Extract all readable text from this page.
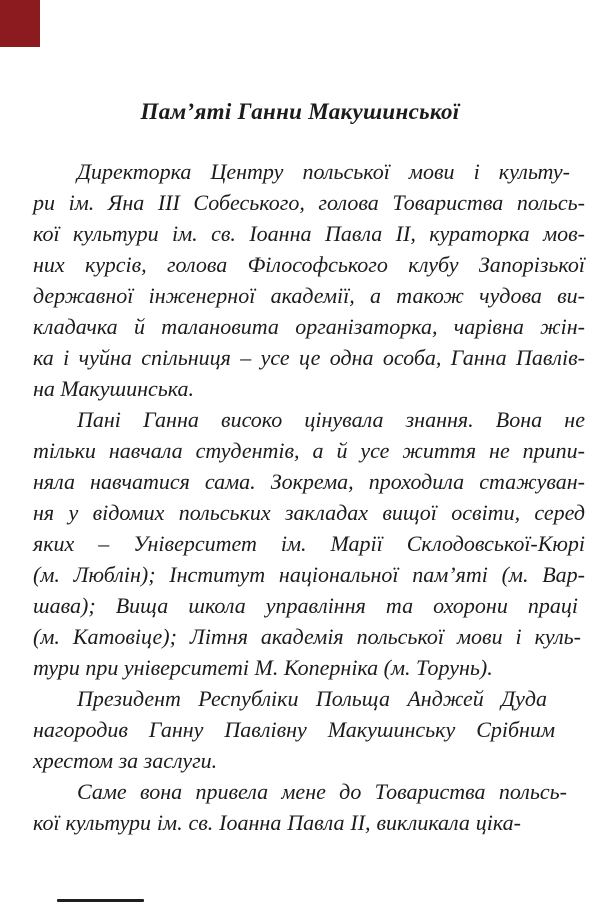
Пам’яті Ганни Макушинської
Директорка Центру польської мови і культу-
ри ім. Яна III Собеського, голова Товариства польсь-
кої культури ім. св. Іоанна Павла II, кураторка мов-
них курсів, голова Філософського клубу Запорізької
державної інженерної академії, а також чудова ви-
кладачка й талановита організаторка, чарівна жін-
ка і чуйна спільниця – усе це одна особа, Ганна Павлів-
на Макушинська.
Пані Ганна високо цінувала знання. Вона не
тільки навчала студентів, а й усе життя не припи-
няла навчатися сама. Зокрема, проходила стажуван-
ня у відомих польських закладах вищої освіти, серед
яких – Університет ім. Марії Склодовської-Кюрі
(м. Люблін); Інститут національної пам’яті (м. Вар-
шава); Вища школа управління та охорони праці
(м. Катовіце); Літня академія польської мови і куль-
тури при університеті М. Коперніка (м. Торунь).
Президент Республіки Польща Анджей Дуда
нагородив Ганну Павлівну Макушинську Срібним
хрестом за заслуги.
Саме вона привела мене до Товариства польсь-
кої культури ім. св. Іоанна Павла II, викликала ціка-
